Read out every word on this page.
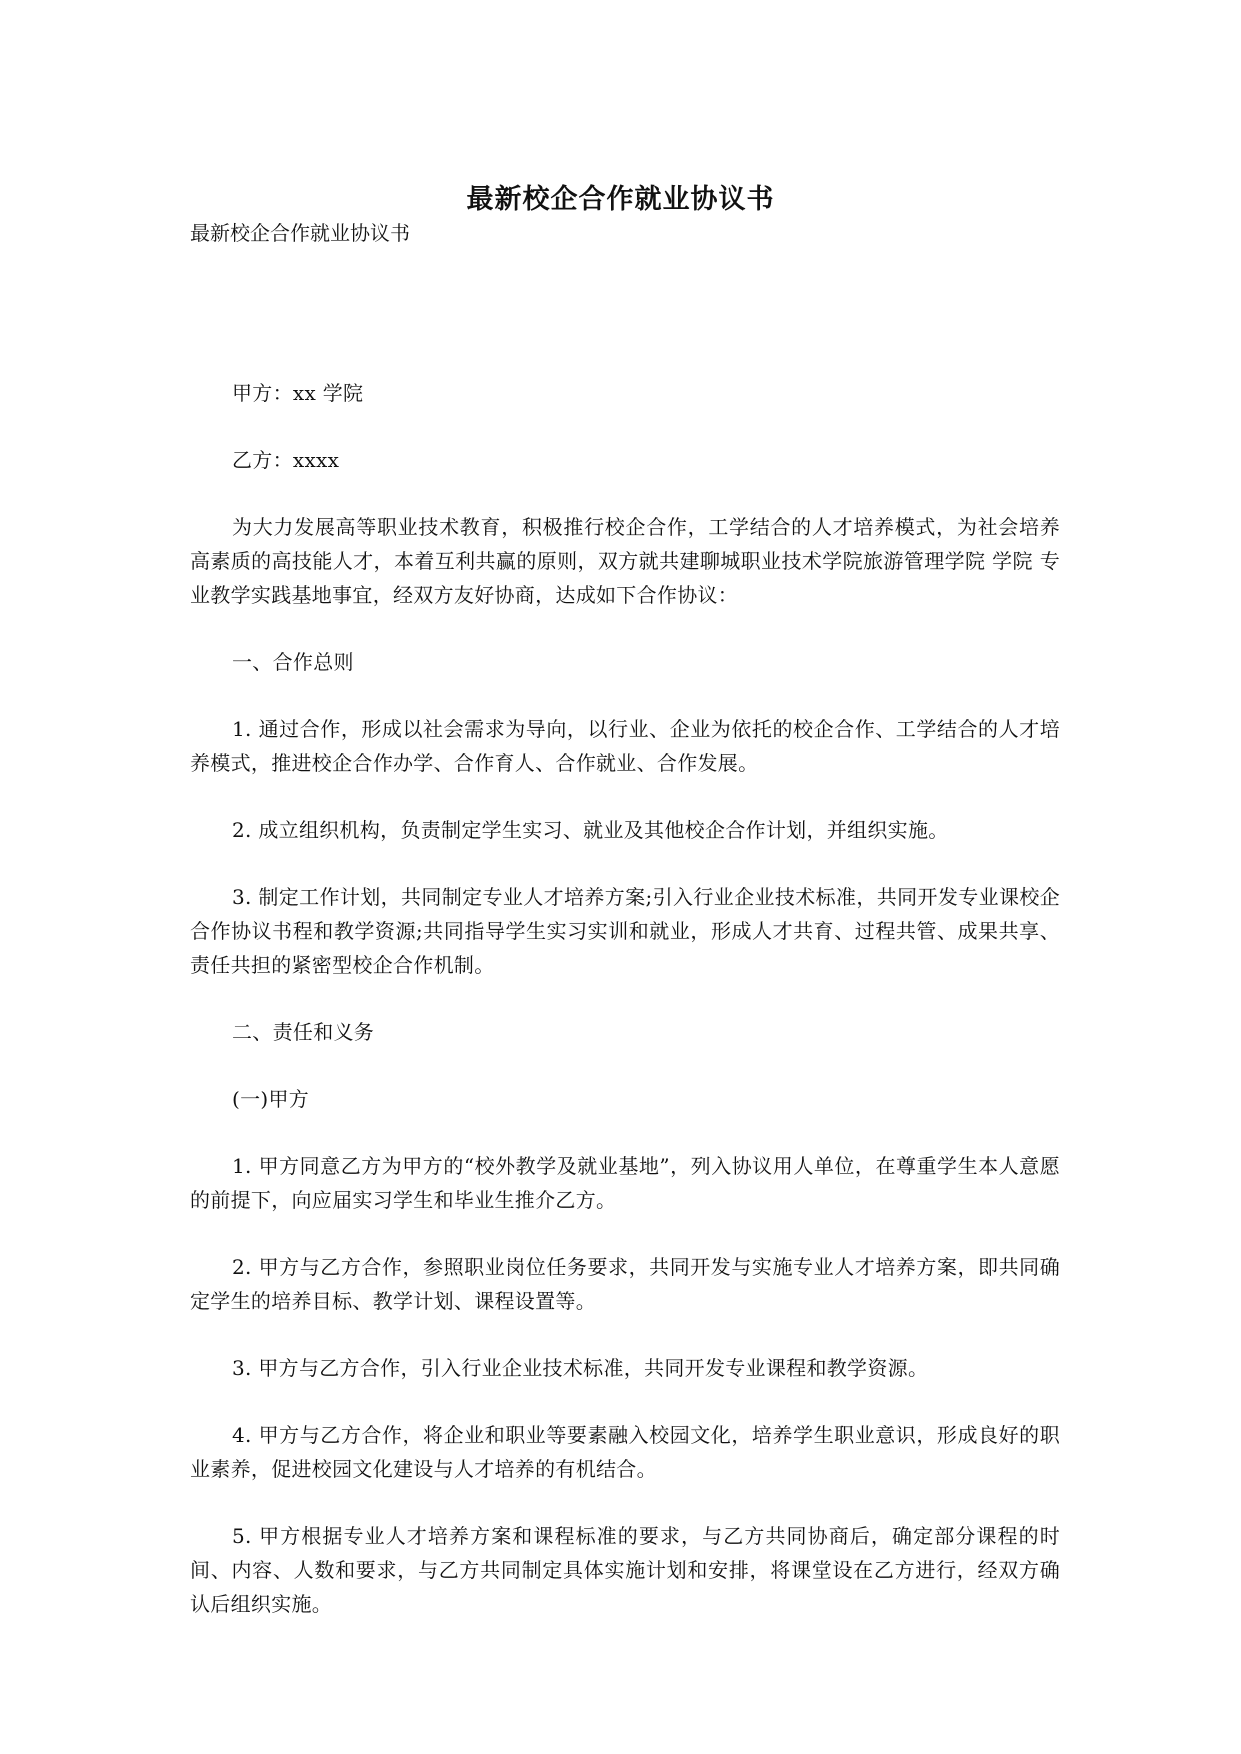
最新校企合作就业协议书
最新校企合作就业协议书

甲方：xx 学院

乙方：xxxx

为大力发展高等职业技术教育，积极推行校企合作，工学结合的人才培养模式，为社会培养高素质的高技能人才，本着互利共赢的原则，双方就共建聊城职业技术学院旅游管理学院 学院 专业教学实践基地事宜，经双方友好协商，达成如下合作协议：

一、合作总则

1. 通过合作，形成以社会需求为导向，以行业、企业为依托的校企合作、工学结合的人才培养模式，推进校企合作办学、合作育人、合作就业、合作发展。

2. 成立组织机构，负责制定学生实习、就业及其他校企合作计划，并组织实施。

3. 制定工作计划，共同制定专业人才培养方案;引入行业企业技术标准，共同开发专业课校企合作协议书程和教学资源;共同指导学生实习实训和就业，形成人才共育、过程共管、成果共享、责任共担的紧密型校企合作机制。

二、责任和义务

(一)甲方

1. 甲方同意乙方为甲方的“校外教学及就业基地”，列入协议用人单位，在尊重学生本人意愿的前提下，向应届实习学生和毕业生推介乙方。

2. 甲方与乙方合作，参照职业岗位任务要求，共同开发与实施专业人才培养方案，即共同确定学生的培养目标、教学计划、课程设置等。

3. 甲方与乙方合作，引入行业企业技术标准，共同开发专业课程和教学资源。

4. 甲方与乙方合作，将企业和职业等要素融入校园文化，培养学生职业意识，形成良好的职业素养，促进校园文化建设与人才培养的有机结合。

5. 甲方根据专业人才培养方案和课程标准的要求，与乙方共同协商后，确定部分课程的时间、内容、人数和要求，与乙方共同制定具体实施计划和安排，将课堂设在乙方进行，经双方确认后组织实施。
